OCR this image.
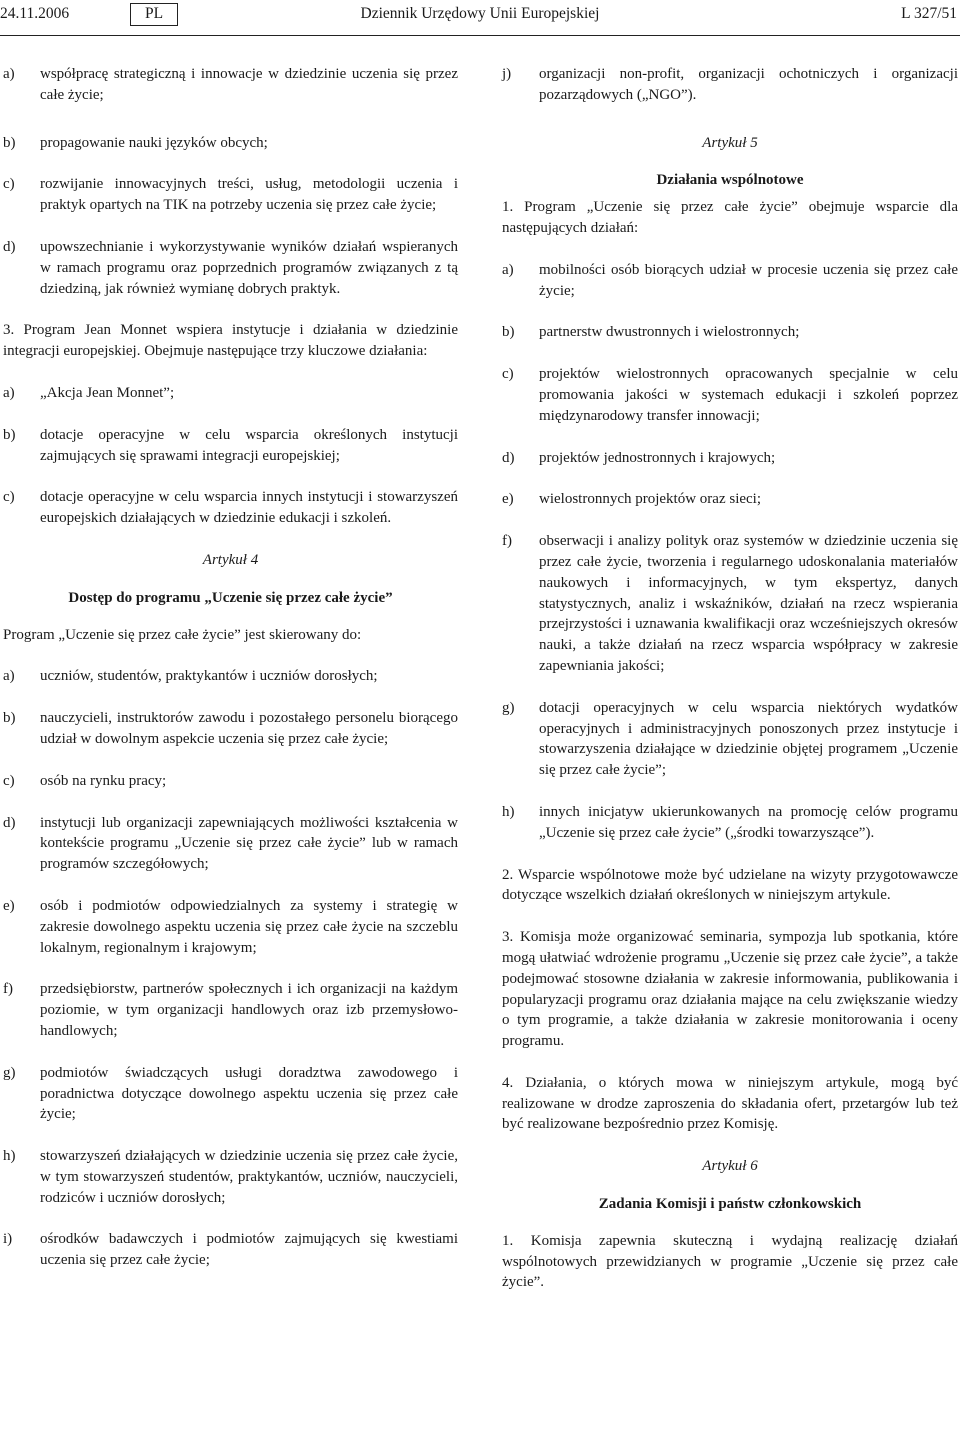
24.11.2006	PL	Dziennik Urzędowy Unii Europejskiej	L 327/51
a) współpracę strategiczną i innowacje w dziedzinie uczenia się przez całe życie;
b) propagowanie nauki języków obcych;
c) rozwijanie innowacyjnych treści, usług, metodologii uczenia i praktyk opartych na TIK na potrzeby uczenia się przez całe życie;
d) upowszechnianie i wykorzystywanie wyników działań wspieranych w ramach programu oraz poprzednich programów związanych z tą dziedziną, jak również wymianę dobrych praktyk.
3. Program Jean Monnet wspiera instytucje i działania w dziedzinie integracji europejskiej. Obejmuje następujące trzy kluczowe działania:
a) „Akcja Jean Monnet”;
b) dotacje operacyjne w celu wsparcia określonych instytucji zajmujących się sprawami integracji europejskiej;
c) dotacje operacyjne w celu wsparcia innych instytucji i stowarzyszeń europejskich działających w dziedzinie edukacji i szkoleń.
Artykuł 4
Dostęp do programu „Uczenie się przez całe życie”
Program „Uczenie się przez całe życie” jest skierowany do:
a) uczniów, studentów, praktykantów i uczniów dorosłych;
b) nauczycieli, instruktorów zawodu i pozostałego personelu biorącego udział w dowolnym aspekcie uczenia się przez całe życie;
c) osób na rynku pracy;
d) instytucji lub organizacji zapewniających możliwości kształcenia w kontekście programu „Uczenie się przez całe życie” lub w ramach programów szczegółowych;
e) osób i podmiotów odpowiedzialnych za systemy i strategię w zakresie dowolnego aspektu uczenia się przez całe życie na szczeblu lokalnym, regionalnym i krajowym;
f) przedsiębiorstw, partnerów społecznych i ich organizacji na każdym poziomie, w tym organizacji handlowych oraz izb przemysłowo-handlowych;
g) podmiotów świadczących usługi doradztwa zawodowego i poradnictwa dotyczące dowolnego aspektu uczenia się przez całe życie;
h) stowarzyszeń działających w dziedzinie uczenia się przez całe życie, w tym stowarzyszeń studentów, praktykantów, uczniów, nauczycieli, rodziców i uczniów dorosłych;
i) ośrodków badawczych i podmiotów zajmujących się kwestiami uczenia się przez całe życie;
j) organizacji non-profit, organizacji ochotniczych i organizacji pozarządowych („NGO”).
Artykuł 5
Działania wspólnotowe
1. Program „Uczenie się przez całe życie” obejmuje wsparcie dla następujących działań:
a) mobilności osób biorących udział w procesie uczenia się przez całe życie;
b) partnerstw dwustronnych i wielostronnych;
c) projektów wielostronnych opracowanych specjalnie w celu promowania jakości w systemach edukacji i szkoleń poprzez międzynarodowy transfer innowacji;
d) projektów jednostronnych i krajowych;
e) wielostronnych projektów oraz sieci;
f) obserwacji i analizy polityk oraz systemów w dziedzinie uczenia się przez całe życie, tworzenia i regularnego udoskonalania materiałów naukowych i informacyjnych, w tym ekspertyz, danych statystycznych, analiz i wskaźników, działań na rzecz wspierania przejrzystości i uznawania kwalifikacji oraz wcześniejszych okresów nauki, a także działań na rzecz wsparcia współpracy w zakresie zapewniania jakości;
g) dotacji operacyjnych w celu wsparcia niektórych wydatków operacyjnych i administracyjnych ponoszonych przez instytucje i stowarzyszenia działające w dziedzinie objętej programem „Uczenie się przez całe życie”;
h) innych inicjatyw ukierunkowanych na promocję celów programu „Uczenie się przez całe życie” („środki towarzyszące”).
2. Wsparcie wspólnotowe może być udzielane na wizyty przygotowawcze dotyczące wszelkich działań określonych w niniejszym artykule.
3. Komisja może organizować seminaria, sympozja lub spotkania, które mogą ułatwiać wdrożenie programu „Uczenie się przez całe życie”, a także podejmować stosowne działania w zakresie informowania, publikowania i popularyzacji programu oraz działania mające na celu zwiększanie wiedzy o tym programie, a także działania w zakresie monitorowania i oceny programu.
4. Działania, o których mowa w niniejszym artykule, mogą być realizowane w drodze zaproszenia do składania ofert, przetargów lub też być realizowane bezpośrednio przez Komisję.
Artykuł 6
Zadania Komisji i państw członkowskich
1. Komisja zapewnia skuteczną i wydajną realizację działań wspólnotowych przewidzianych w programie „Uczenie się przez całe życie”.
